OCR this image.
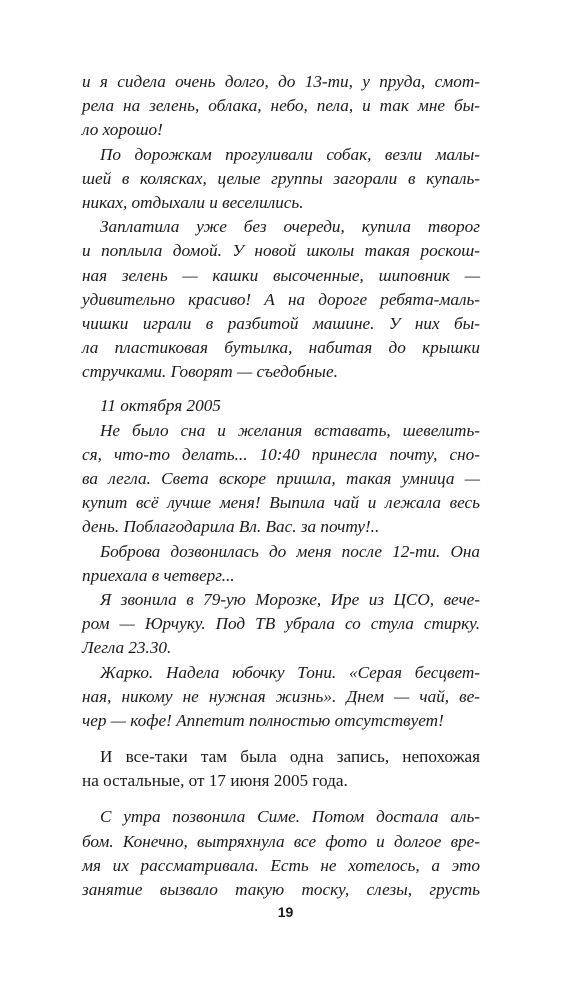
и я сидела очень долго, до 13-ти, у пруда, смот-
рела на зелень, облака, небо, пела, и так мне бы-
ло хорошо!
По дорожкам прогуливали собак, везли малы-
шей в колясках, целые группы загорали в купаль-
никах, отдыхали и веселились.
Заплатила уже без очереди, купила творог
и поплыла домой. У новой школы такая роскош-
ная зелень — кашки высоченные, шиповник —
удивительно красиво! А на дороге ребята-маль-
чишки играли в разбитой машине. У них бы-
ла пластиковая бутылка, набитая до крышки
стручками. Говорят — съедобные.
11 октября 2005
Не было сна и желания вставать, шевелить-
ся, что-то делать... 10:40 принесла почту, сно-
ва легла. Света вскоре пришла, такая умница —
купит всё лучше меня! Выпила чай и лежала весь
день. Поблагодарила Вл. Вас. за почту!..
Боброва дозвонилась до меня после 12-ти. Она
приехала в четверг...
Я звонила в 79-ую Морозке, Ире из ЦСО, вече-
ром — Юрчуку. Под ТВ убрала со стула стирку.
Легла 23.30.
Жарко. Надела юбочку Тони. «Серая бесцвет-
ная, никому не нужная жизнь». Днем — чай, ве-
чер — кофе! Аппетит полностью отсутствует!
И все-таки там была одна запись, непохожая
на остальные, от 17 июня 2005 года.
С утра позвонила Симе. Потом достала аль-
бом. Конечно, вытряхнула все фото и долгое вре-
мя их рассматривала. Есть не хотелось, а это
занятие вызвало такую тоску, слезы, грусть
19
